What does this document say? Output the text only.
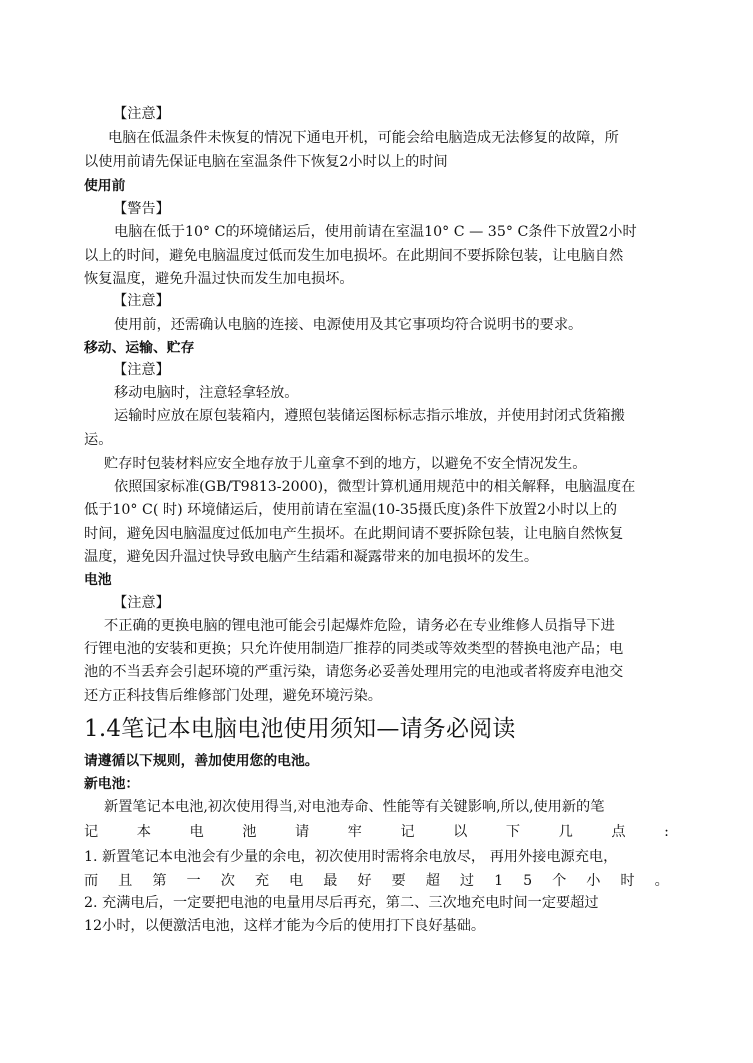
【注意】
电脑在低温条件未恢复的情况下通电开机，可能会给电脑造成无法修复的故障，所
以使用前请先保证电脑在室温条件下恢复2小时以上的时间
使用前
【警告】
电脑在低于10° C的环境储运后，使用前请在室温10° C — 35° C条件下放置2小时
以上的时间，避免电脑温度过低而发生加电损坏。在此期间不要拆除包装，让电脑自然
恢复温度，避免升温过快而发生加电损坏。
【注意】
使用前，还需确认电脑的连接、电源使用及其它事项均符合说明书的要求。
移动、运输、贮存
【注意】
移动电脑时，注意轻拿轻放。
运输时应放在原包装箱内，遵照包装储运图标标志指示堆放，并使用封闭式货箱搬
运。
贮存时包装材料应安全地存放于儿童拿不到的地方，以避免不安全情况发生。
依照国家标准(GB/T9813-2000)，微型计算机通用规范中的相关解释，电脑温度在
低于10° C( 时) 环境储运后，使用前请在室温(10-35摄氏度)条件下放置2小时以上的
时间，避免因电脑温度过低加电产生损坏。在此期间请不要拆除包装，让电脑自然恢复
温度，避免因升温过快导致电脑产生结霜和凝露带来的加电损坏的发生。
电池
【注意】
不正确的更换电脑的锂电池可能会引起爆炸危险，请务必在专业维修人员指导下进
行锂电池的安装和更换；只允许使用制造厂推荐的同类或等效类型的替换电池产品；电
池的不当丢弃会引起环境的严重污染，请您务必妥善处理用完的电池或者将废弃电池交
还方正科技售后维修部门处理，避免环境污染。
1.4笔记本电脑电池使用须知—请务必阅读
请遵循以下规则，善加使用您的电池。
新电池：
新置笔记本电池,初次使用得当,对电池寿命、性能等有关键影响,所以,使用新的笔
记	本	电	池	请	牢	记	以	下	几	点	:
1. 新置笔记本电池会有少量的余电，初次使用时需将余电放尽， 再用外接电源充电，
而 且 第 一 次 充 电 最 好 要 超 过 1 5 个 小 时 。
2. 充满电后，一定要把电池的电量用尽后再充，第二、三次地充电时间一定要超过
12小时，以便激活电池，这样才能为今后的使用打下良好基础。
